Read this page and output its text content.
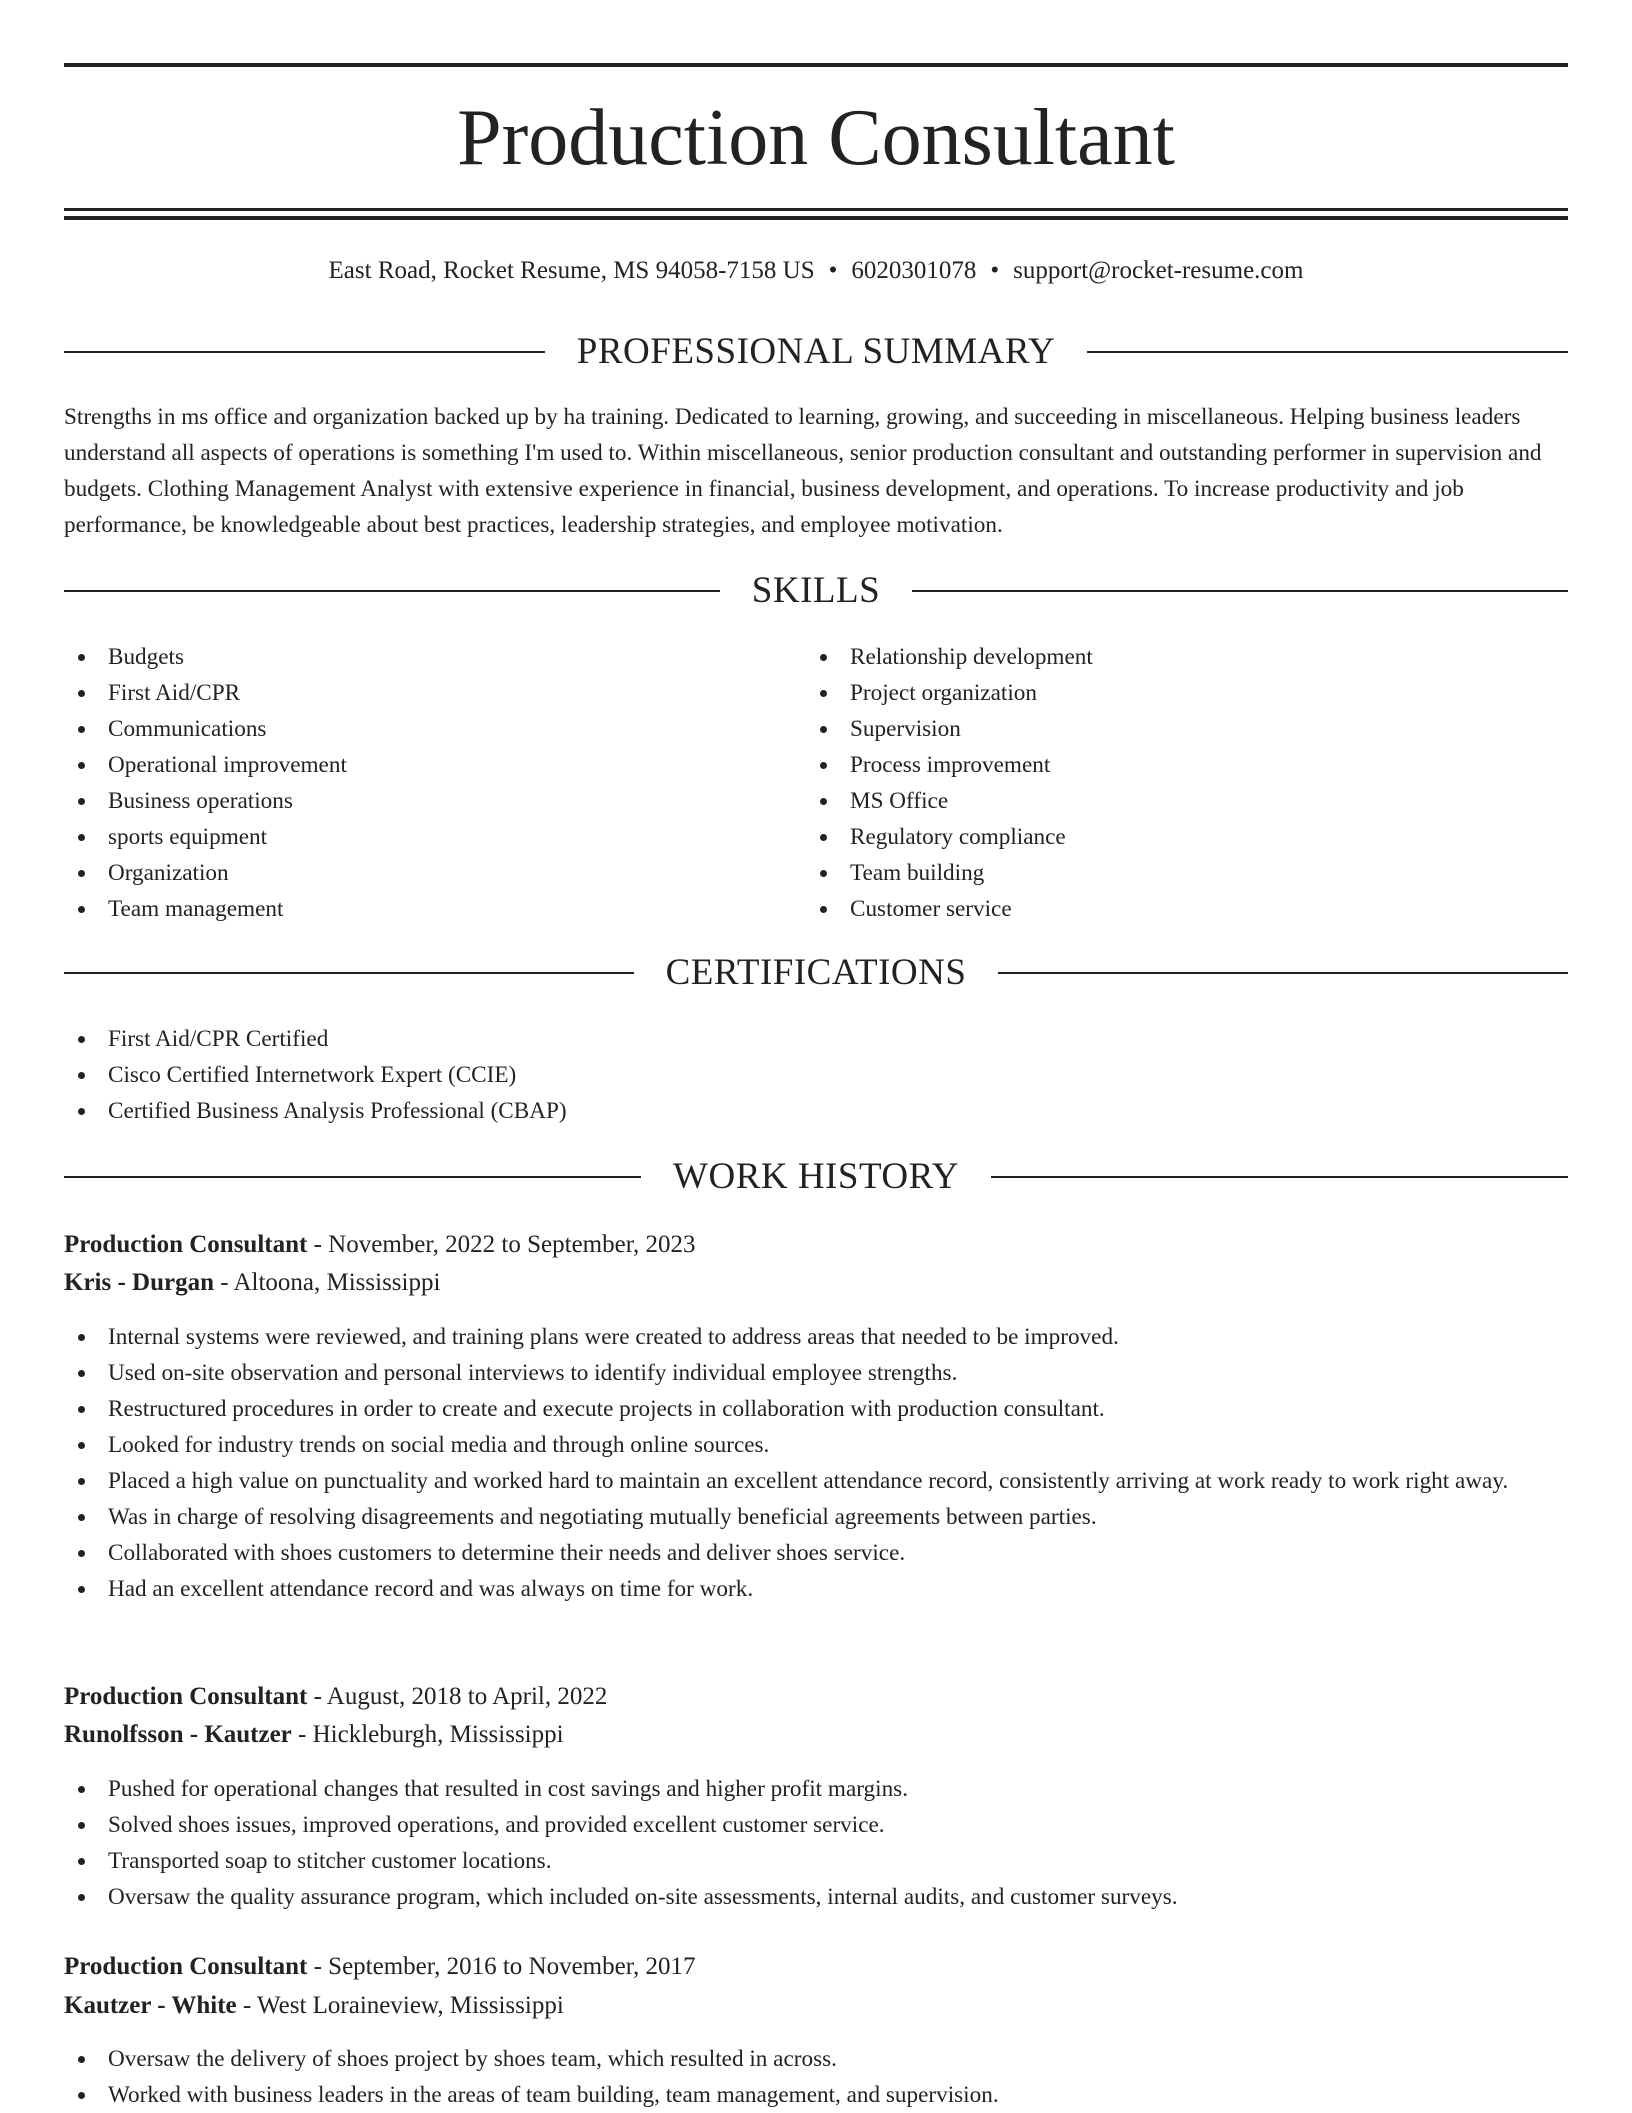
Production Consultant
East Road, Rocket Resume, MS 94058-7158 US • 6020301078 • support@rocket-resume.com
PROFESSIONAL SUMMARY

Strengths in ms office and organization backed up by ha training. Dedicated to learning, growing, and succeeding in miscellaneous. Helping business leaders understand all aspects of operations is something I'm used to. Within miscellaneous, senior production consultant and outstanding performer in supervision and budgets. Clothing Management Analyst with extensive experience in financial, business development, and operations. To increase productivity and job performance, be knowledgeable about best practices, leadership strategies, and employee motivation.

SKILLS
Budgets
First Aid/CPR
Communications
Operational improvement
Business operations
sports equipment
Organization
Team management
Relationship development
Project organization
Supervision
Process improvement
MS Office
Regulatory compliance
Team building
Customer service
CERTIFICATIONS
First Aid/CPR Certified
Cisco Certified Internetwork Expert (CCIE)
Certified Business Analysis Professional (CBAP)
WORK HISTORY
Production Consultant - November, 2022 to September, 2023
Kris - Durgan - Altoona, Mississippi
Internal systems were reviewed, and training plans were created to address areas that needed to be improved.
Used on-site observation and personal interviews to identify individual employee strengths.
Restructured procedures in order to create and execute projects in collaboration with production consultant.
Looked for industry trends on social media and through online sources.
Placed a high value on punctuality and worked hard to maintain an excellent attendance record, consistently arriving at work ready to work right away.
Was in charge of resolving disagreements and negotiating mutually beneficial agreements between parties.
Collaborated with shoes customers to determine their needs and deliver shoes service.
Had an excellent attendance record and was always on time for work.
Production Consultant - August, 2018 to April, 2022
Runolfsson - Kautzer - Hickleburgh, Mississippi
Pushed for operational changes that resulted in cost savings and higher profit margins.
Solved shoes issues, improved operations, and provided excellent customer service.
Transported soap to stitcher customer locations.
Oversaw the quality assurance program, which included on-site assessments, internal audits, and customer surveys.
Production Consultant - September, 2016 to November, 2017
Kautzer - White - West Loraineview, Mississippi
Oversaw the delivery of shoes project by shoes team, which resulted in across.
Worked with business leaders in the areas of team building, team management, and supervision.
